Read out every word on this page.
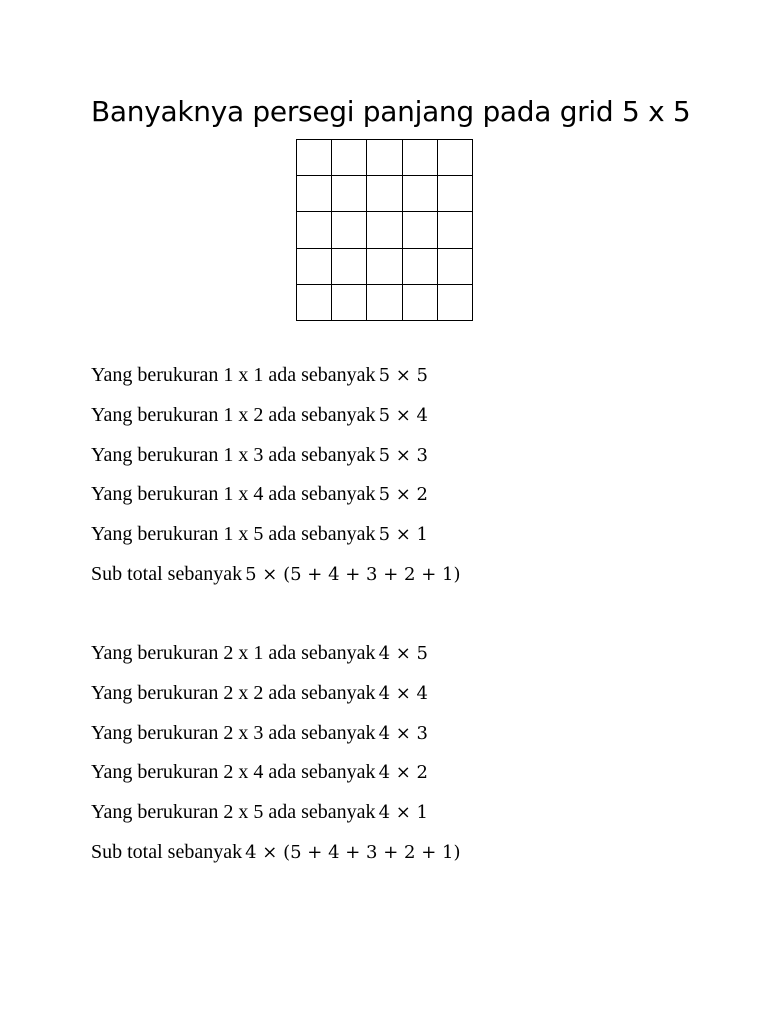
Banyaknya persegi panjang pada grid 5 x 5
Yang berukuran 1 x 1 ada sebanyak 5 × 5
Yang berukuran 1 x 2 ada sebanyak 5 × 4
Yang berukuran 1 x 3 ada sebanyak 5 × 3
Yang berukuran 1 x 4 ada sebanyak 5 × 2
Yang berukuran 1 x 5 ada sebanyak 5 × 1
Sub total sebanyak 5 × (5 + 4 + 3 + 2 + 1)
Yang berukuran 2 x 1 ada sebanyak 4 × 5
Yang berukuran 2 x 2 ada sebanyak 4 × 4
Yang berukuran 2 x 3 ada sebanyak 4 × 3
Yang berukuran 2 x 4 ada sebanyak 4 × 2
Yang berukuran 2 x 5 ada sebanyak 4 × 1
Sub total sebanyak 4 × (5 + 4 + 3 + 2 + 1)
